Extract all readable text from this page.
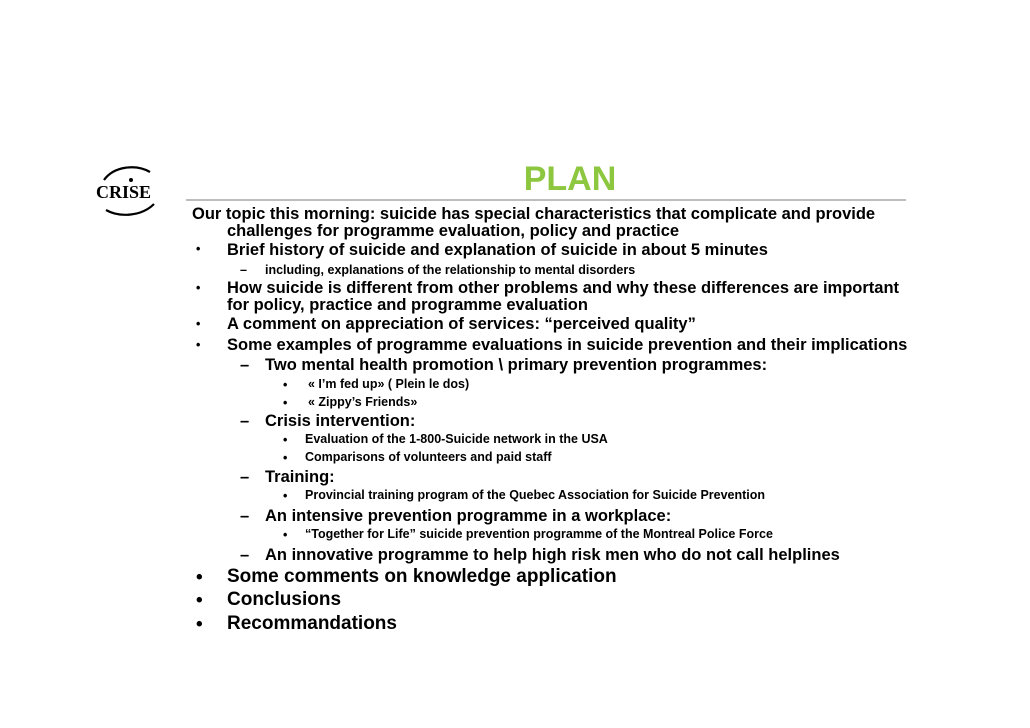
CRISE	PLAN
Our topic this morning: suicide has special characteristics that complicate and provide
challenges for programme evaluation, policy and practice
• Brief history of suicide and explanation of suicide in about 5 minutes
– including, explanations of the relationship to mental disorders
• How suicide is different from other problems and why these differences are important
for policy, practice and programme evaluation
• A comment on appreciation of services: “perceived quality”
• Some examples of programme evaluations in suicide prevention and their implications
– Two mental health promotion \ primary prevention programmes:
• « I’m fed up» ( Plein le dos)
• « Zippy’s Friends»
– Crisis intervention:
• Evaluation of the 1-800-Suicide network in the USA
• Comparisons of volunteers and paid staff
– Training:
• Provincial training program of the Quebec Association for Suicide Prevention
– An intensive prevention programme in a workplace:
• “Together for Life” suicide prevention programme of the Montreal Police Force
– An innovative programme to help high risk men who do not call helplines
• Some comments on knowledge application
• Conclusions
• Recommandations
